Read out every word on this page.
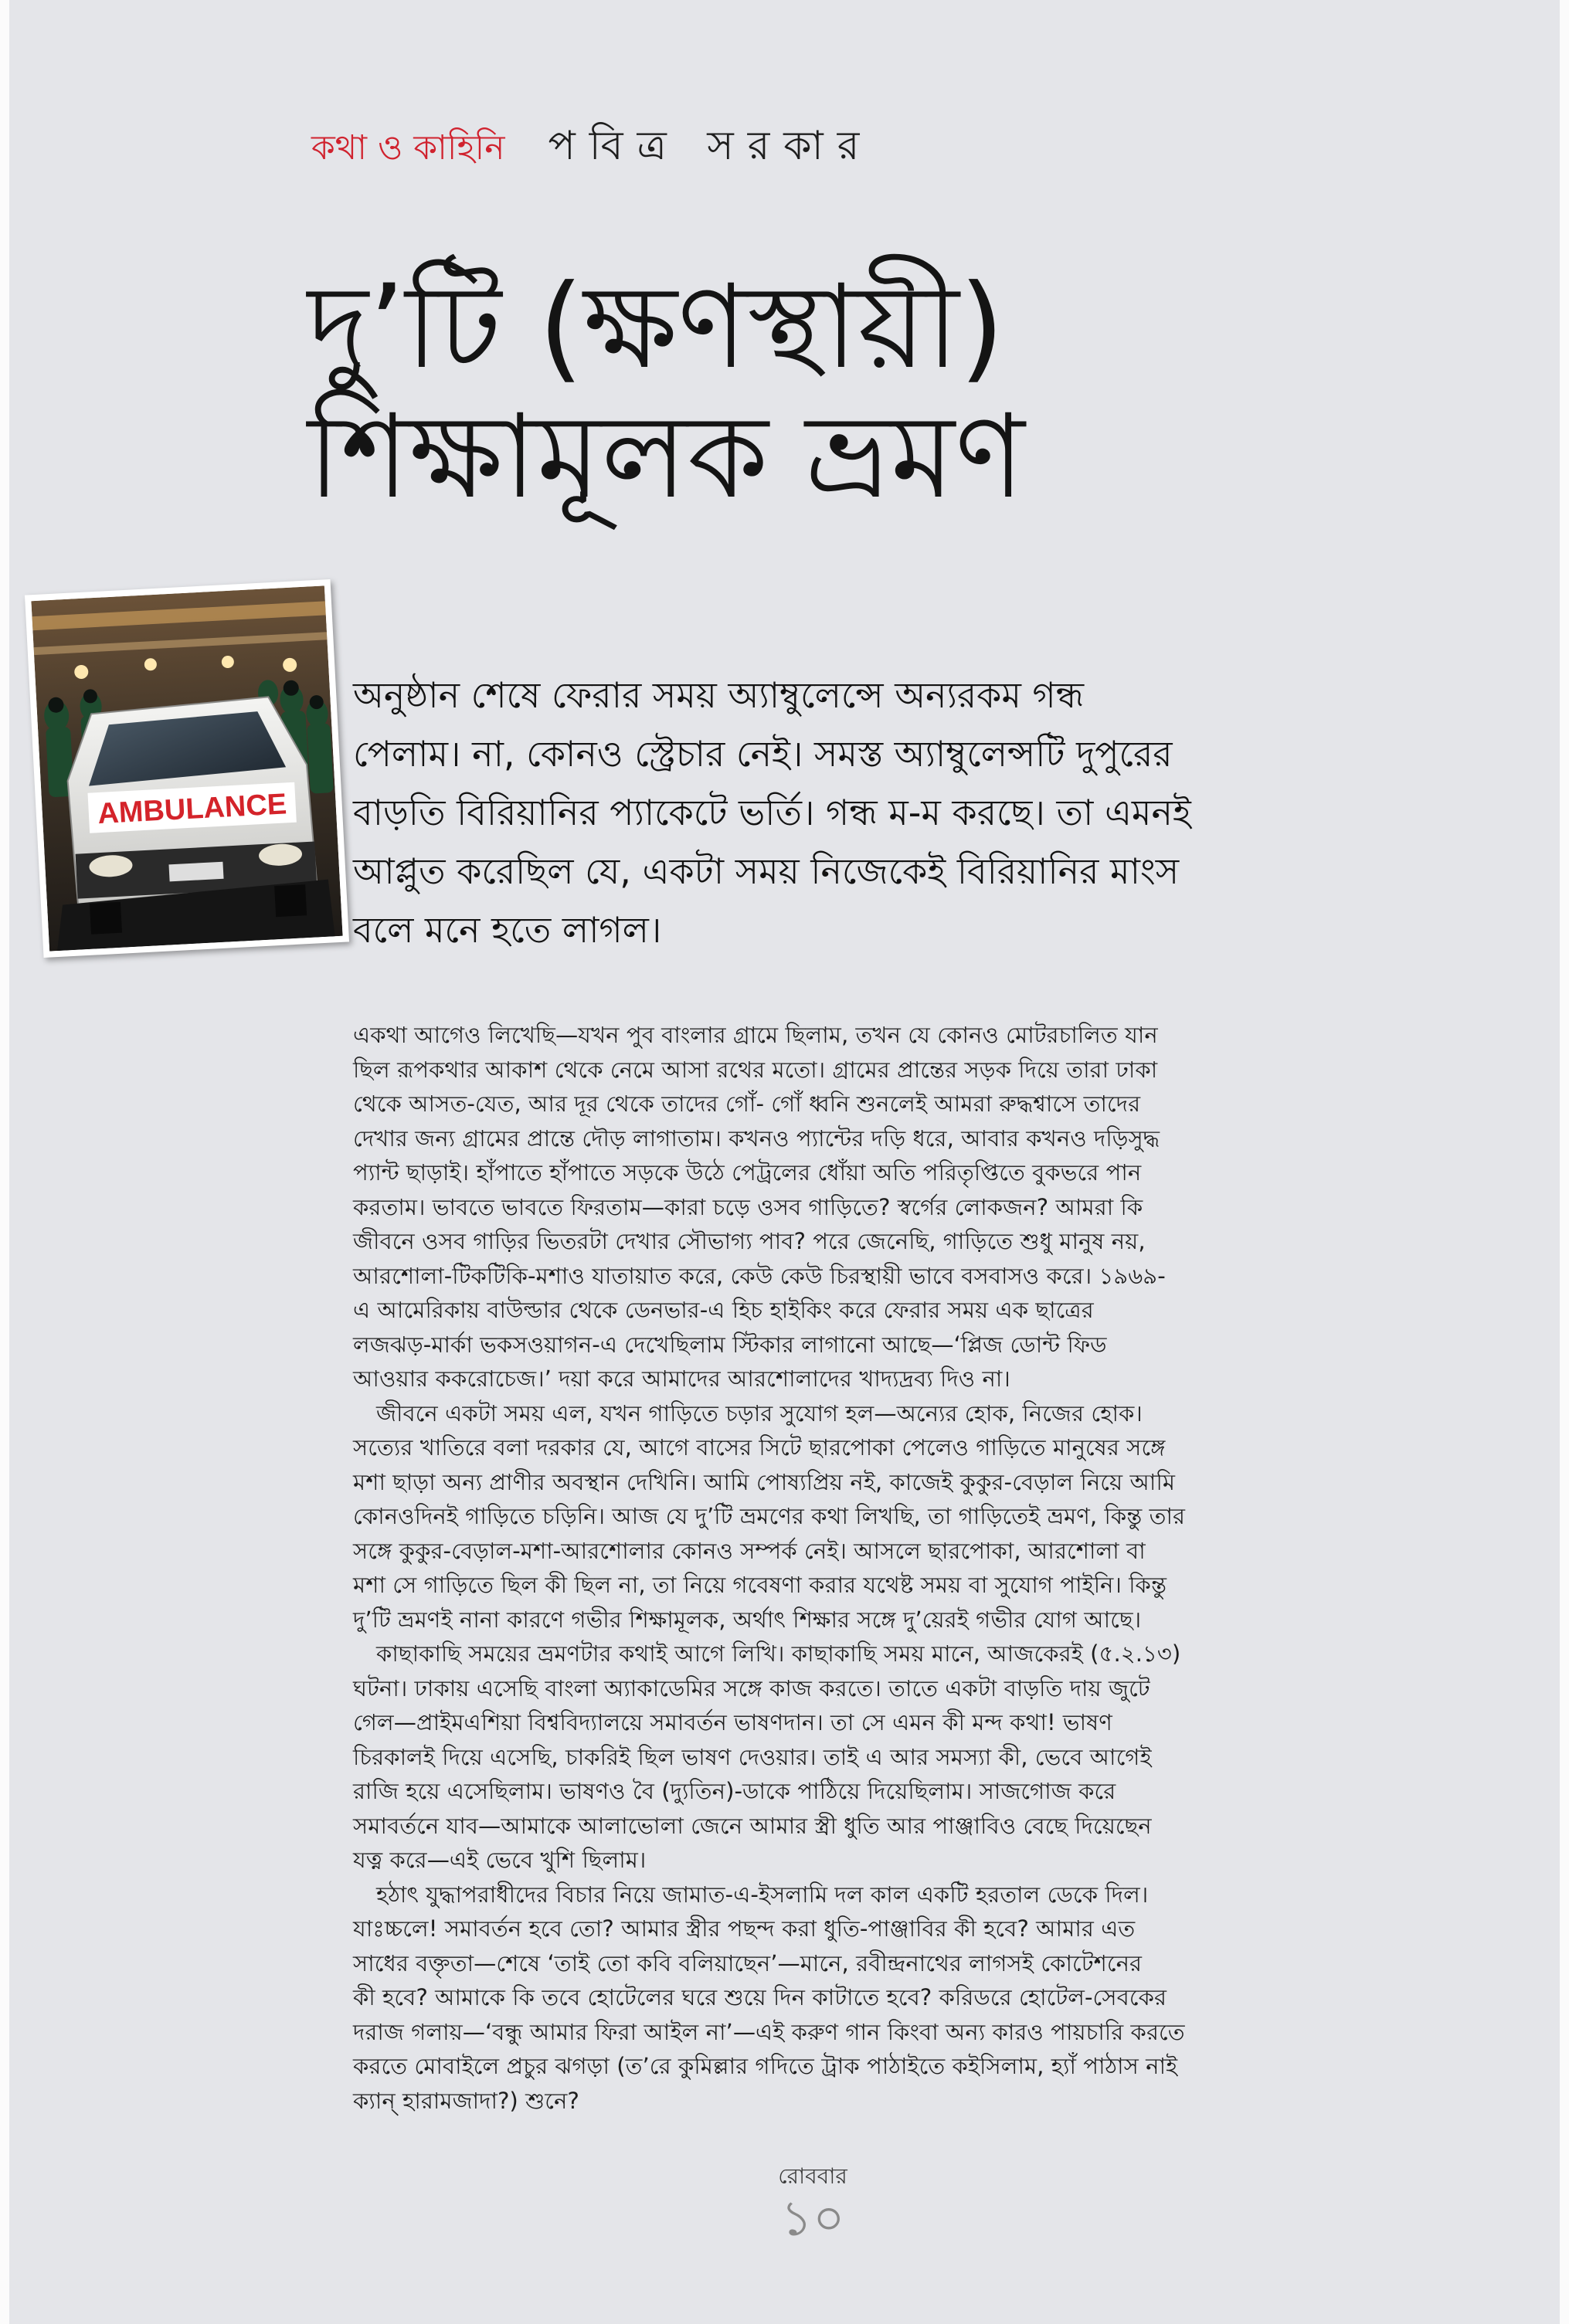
কথা ও কাহিনি পবিত্র সরকার
দু’টি (ক্ষণস্থায়ী)
শিক্ষামূলক ভ্রমণ
AMBULANCE

অনুষ্ঠান শেষে ফেরার সময় অ্যাম্বুলেন্সে অন্যরকম গন্ধ
পেলাম। না, কোনও স্ট্রেচার নেই। সমস্ত অ্যাম্বুলেন্সটি দুপুরের
বাড়তি বিরিয়ানির প্যাকেটে ভর্তি। গন্ধ ম-ম করছে। তা এমনই
আপ্লুত করেছিল যে, একটা সময় নিজেকেই বিরিয়ানির মাংস
বলে মনে হতে লাগল।

একথা আগেও লিখেছি—যখন পুব বাংলার গ্রামে ছিলাম, তখন যে কোনও মোটরচালিত যান
ছিল রূপকথার আকাশ থেকে নেমে আসা রথের মতো। গ্রামের প্রান্তের সড়ক দিয়ে তারা ঢাকা
থেকে আসত-যেত, আর দূর থেকে তাদের গোঁ- গোঁ ধ্বনি শুনলেই আমরা রুদ্ধশ্বাসে তাদের
দেখার জন্য গ্রামের প্রান্তে দৌড় লাগাতাম। কখনও প্যান্টের দড়ি ধরে, আবার কখনও দড়িসুদ্ধ
প্যান্ট ছাড়াই। হাঁপাতে হাঁপাতে সড়কে উঠে পেট্রলের ধোঁয়া অতি পরিতৃপ্তিতে বুকভরে পান
করতাম। ভাবতে ভাবতে ফিরতাম—কারা চড়ে ওসব গাড়িতে? স্বর্গের লোকজন? আমরা কি
জীবনে ওসব গাড়ির ভিতরটা দেখার সৌভাগ্য পাব? পরে জেনেছি, গাড়িতে শুধু মানুষ নয়,
আরশোলা-টিকটিকি-মশাও যাতায়াত করে, কেউ কেউ চিরস্থায়ী ভাবে বসবাসও করে। ১৯৬৯-
এ আমেরিকায় বাউল্ডার থেকে ডেনভার-এ হিচ হাইকিং করে ফেরার সময় এক ছাত্রের
লজঝড়-মার্কা ভকসওয়াগন-এ দেখেছিলাম স্টিকার লাগানো আছে—‘প্লিজ ডোন্ট ফিড
আওয়ার ককরোচেজ।’ দয়া করে আমাদের আরশোলাদের খাদ্যদ্রব্য দিও না।
জীবনে একটা সময় এল, যখন গাড়িতে চড়ার সুযোগ হল—অন্যের হোক, নিজের হোক।
সত্যের খাতিরে বলা দরকার যে, আগে বাসের সিটে ছারপোকা পেলেও গাড়িতে মানুষের সঙ্গে
মশা ছাড়া অন্য প্রাণীর অবস্থান দেখিনি। আমি পোষ্যপ্রিয় নই, কাজেই কুকুর-বেড়াল নিয়ে আমি
কোনওদিনই গাড়িতে চড়িনি। আজ যে দু’টি ভ্রমণের কথা লিখছি, তা গাড়িতেই ভ্রমণ, কিন্তু তার
সঙ্গে কুকুর-বেড়াল-মশা-আরশোলার কোনও সম্পর্ক নেই। আসলে ছারপোকা, আরশোলা বা
মশা সে গাড়িতে ছিল কী ছিল না, তা নিয়ে গবেষণা করার যথেষ্ট সময় বা সুযোগ পাইনি। কিন্তু
দু’টি ভ্রমণই নানা কারণে গভীর শিক্ষামূলক, অর্থাৎ শিক্ষার সঙ্গে দু’য়েরই গভীর যোগ আছে।
কাছাকাছি সময়ের ভ্রমণটার কথাই আগে লিখি। কাছাকাছি সময় মানে, আজকেরই (৫.২.১৩)
ঘটনা। ঢাকায় এসেছি বাংলা অ্যাকাডেমির সঙ্গে কাজ করতে। তাতে একটা বাড়তি দায় জুটে
গেল—প্রাইমএশিয়া বিশ্ববিদ্যালয়ে সমাবর্তন ভাষণদান। তা সে এমন কী মন্দ কথা! ভাষণ
চিরকালই দিয়ে এসেছি, চাকরিই ছিল ভাষণ দেওয়ার। তাই এ আর সমস্যা কী, ভেবে আগেই
রাজি হয়ে এসেছিলাম। ভাষণও বৈ (দ্যুতিন)-ডাকে পাঠিয়ে দিয়েছিলাম। সাজগোজ করে
সমাবর্তনে যাব—আমাকে আলাভোলা জেনে আমার স্ত্রী ধুতি আর পাঞ্জাবিও বেছে দিয়েছেন
যত্ন করে—এই ভেবে খুশি ছিলাম।
হঠাৎ যুদ্ধাপরাধীদের বিচার নিয়ে জামাত-এ-ইসলামি দল কাল একটি হরতাল ডেকে দিল।
যাঃচ্চলে! সমাবর্তন হবে তো? আমার স্ত্রীর পছন্দ করা ধুতি-পাঞ্জাবির কী হবে? আমার এত
সাধের বক্তৃতা—শেষে ‘তাই তো কবি বলিয়াছেন’—মানে, রবীন্দ্রনাথের লাগসই কোটেশনের
কী হবে? আমাকে কি তবে হোটেলের ঘরে শুয়ে দিন কাটাতে হবে? করিডরে হোটেল-সেবকের
দরাজ গলায়—‘বন্ধু আমার ফিরা আইল না’—এই করুণ গান কিংবা অন্য কারও পায়চারি করতে
করতে মোবাইলে প্রচুর ঝগড়া (ত’রে কুমিল্লার গদিতে ট্রাক পাঠাইতে কইসিলাম, হ্যাঁ পাঠাস নাই
ক্যান্ হারামজাদা?) শুনে?
রোববার
১০
